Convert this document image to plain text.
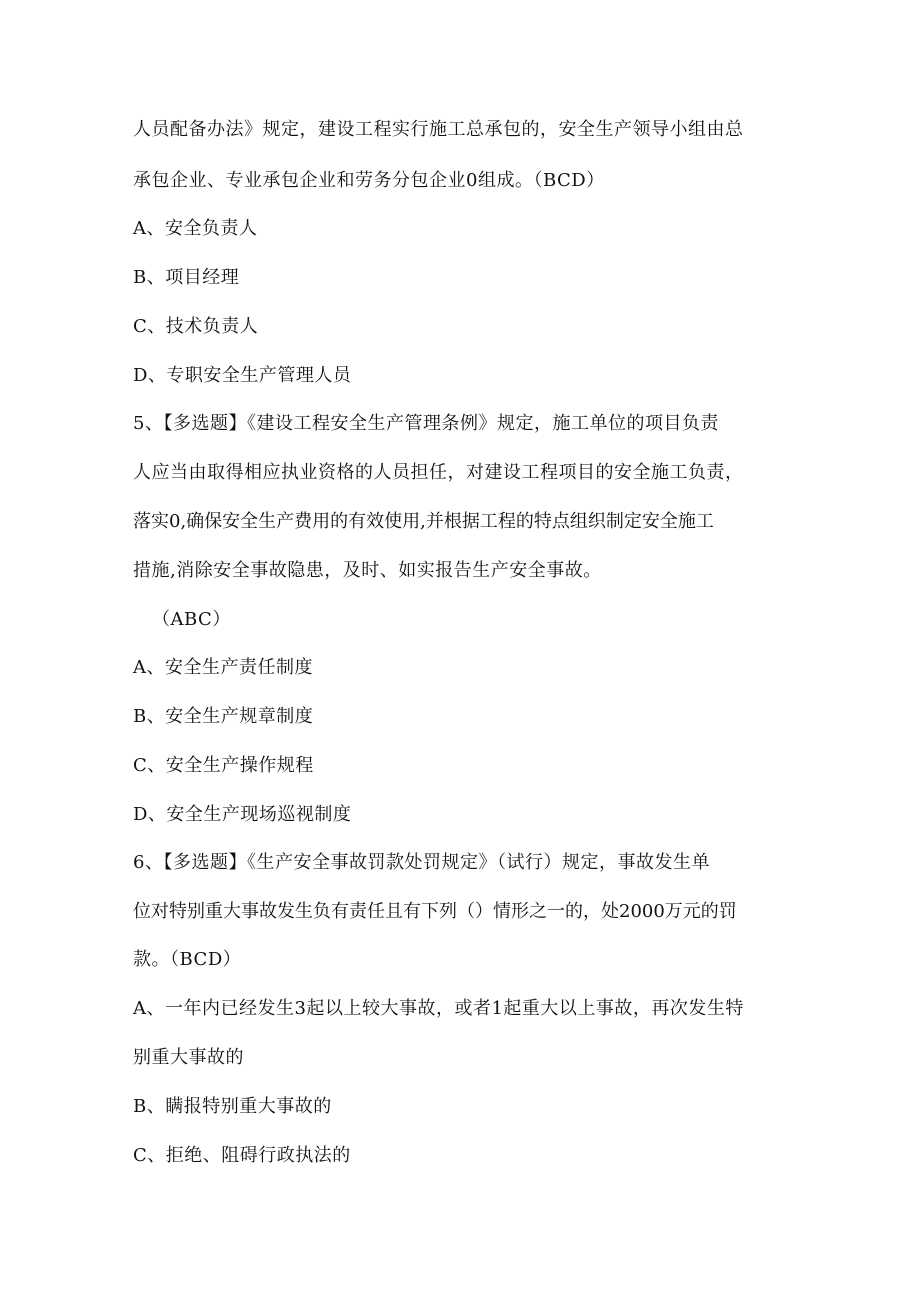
人员配备办法》规定，建设工程实行施工总承包的，安全生产领导小组由总
承包企业、专业承包企业和劳务分包企业0组成。（BCD）
A、安全负责人
B、项目经理
C、技术负责人
D、专职安全生产管理人员
5、【多选题】《建设工程安全生产管理条例》规定，施工单位的项目负责
人应当由取得相应执业资格的人员担任，对建设工程项目的安全施工负责，
落实0,确保安全生产费用的有效使用,并根据工程的特点组织制定安全施工
措施,消除安全事故隐患，及时、如实报告生产安全事故。
（ABC）
A、安全生产责任制度
B、安全生产规章制度
C、安全生产操作规程
D、安全生产现场巡视制度
6、【多选题】《生产安全事故罚款处罚规定》（试行）规定，事故发生单
位对特别重大事故发生负有责任且有下列（）情形之一的，处2000万元的罚
款。（BCD）
A、一年内已经发生3起以上较大事故，或者1起重大以上事故，再次发生特
别重大事故的
B、瞒报特别重大事故的
C、拒绝、阻碍行政执法的
